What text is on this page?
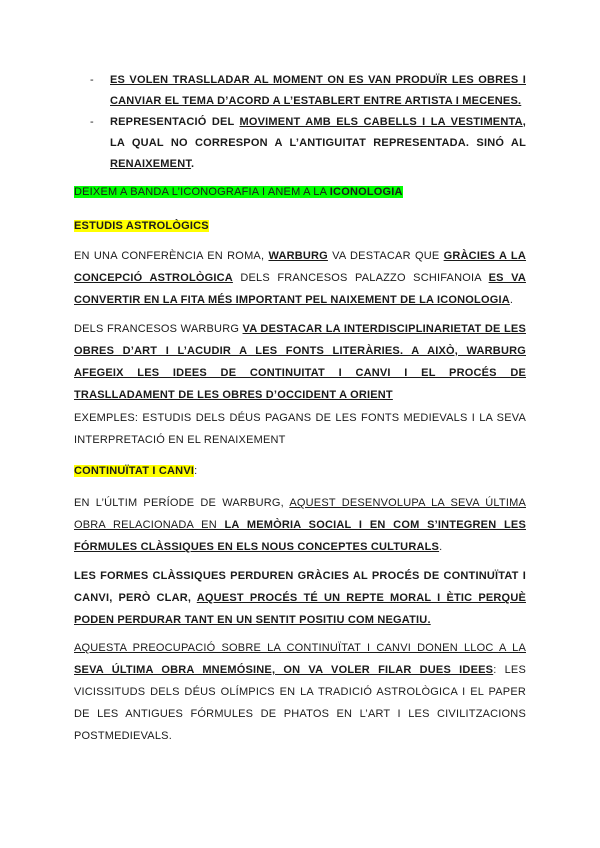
- ES VOLEN TRASLLADAR AL MOMENT ON ES VAN PRODUÏR LES OBRES I CANVIAR EL TEMA D’ACORD A L’ESTABLERT ENTRE ARTISTA I MECENES.
- REPRESENTACIÓ DEL MOVIMENT AMB ELS CABELLS I LA VESTIMENTA, LA QUAL NO CORRESPON A L’ANTIGUITAT REPRESENTADA. SINÓ AL RENAIXEMENT.
DEIXEM A BANDA L’ICONOGRAFIA I ANEM A LA ICONOLOGIA
ESTUDIS ASTROLÒGICS
EN UNA CONFERÈNCIA EN ROMA, WARBURG VA DESTACAR QUE GRÀCIES A LA CONCEPCIÓ ASTROLÒGICA DELS FRANCESOS PALAZZO SCHIFANOIA ES VA CONVERTIR EN LA FITA MÉS IMPORTANT PEL NAIXEMENT DE LA ICONOLOGIA.
DELS FRANCESOS WARBURG VA DESTACAR LA INTERDISCIPLINARIETAT DE LES OBRES D’ART I L’ACUDIR A LES FONTS LITERÀRIES. A AIXÒ, WARBURG AFEGEIX LES IDEES DE CONTINUITAT I CANVI I EL PROCÉS DE TRASLLADAMENT DE LES OBRES D’OCCIDENT A ORIENT
EXEMPLES: ESTUDIS DELS DÉUS PAGANS DE LES FONTS MEDIEVALS I LA SEVA INTERPRETACIÓ EN EL RENAIXEMENT
CONTINUÏTAT I CANVI:
EN L’ÚLTIM PERÍODE DE WARBURG, AQUEST DESENVOLUPA LA SEVA ÚLTIMA OBRA RELACIONADA EN LA MEMÒRIA SOCIAL I EN COM S’INTEGREN LES FÓRMULES CLÀSSIQUES EN ELS NOUS CONCEPTES CULTURALS.
LES FORMES CLÀSSIQUES PERDUREN GRÀCIES AL PROCÉS DE CONTINUÏTAT I CANVI, PERÒ CLAR, AQUEST PROCÉS TÉ UN REPTE MORAL I ÈTIC PERQUÈ PODEN PERDURAR TANT EN UN SENTIT POSITIU COM NEGATIU.
AQUESTA PREOCUPACIÓ SOBRE LA CONTINUÏTAT I CANVI DONEN LLOC A LA SEVA ÚLTIMA OBRA MNEMÓSINE, ON VA VOLER FILAR DUES IDEES: LES VICISSITUDS DELS DÉUS OLÍMPICS EN LA TRADICIÓ ASTROLÒGICA I EL PAPER DE LES ANTIGUES FÓRMULES DE PHATOS EN L’ART I LES CIVILITZACIONS POSTMEDIEVALS.
